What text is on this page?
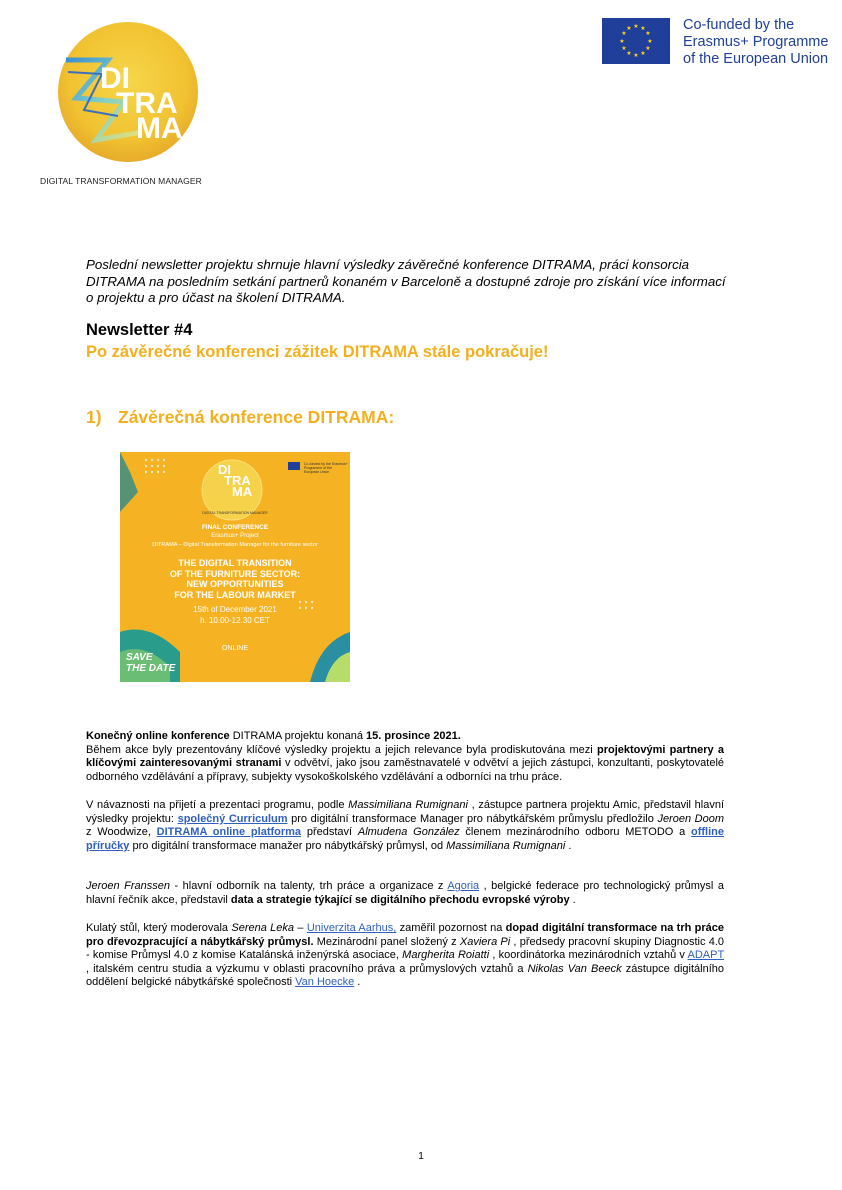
DI
TRA
MA
DIGITAL TRANSFORMATION MANAGER
★ ★
★
★
★
★
★
★
★
★
★
★	Co-funded by the
Erasmus+ Programme
of the European Union
Poslední newsletter projektu shrnuje hlavní výsledky závěrečné konference DITRAMA, práci konsorcia DITRAMA na posledním setkání partnerů konaném v Barceloně a dostupné zdroje pro získání více informací o projektu a pro účast na školení DITRAMA.
Newsletter #4
Po závěrečné konferenci zážitek DITRAMA stále pokračuje!
1) Závěrečná konference DITRAMA:
DI
TRA
MA
DIGITAL TRANSFORMATION MANAGER
Co-funded by the Erasmus+ Programme of the European Union
FINAL CONFERENCE
Erasmus+ Project
DITRAMA – Digital Transformation Manager for the furniture sector
THE DIGITAL TRANSITION
OF THE FURNITURE SECTOR:
NEW OPPORTUNITIES
FOR THE LABOUR MARKET
15th of December 2021
h. 10.00-12.30 CET
ONLINE
SAVE
THE DATE
Konečný online konference DITRAMA projektu konaná 15. prosince 2021.
Během akce byly prezentovány klíčové výsledky projektu a jejich relevance byla prodiskutována mezi projektovými partnery a klíčovými zainteresovanými stranami v odvětví, jako jsou zaměstnavatelé v odvětví a jejich zástupci, konzultanti, poskytovatelé odborného vzdělávání a přípravy, subjekty vysokoškolského vzdělávání a odborníci na trhu práce.
V návaznosti na přijetí a prezentaci programu, podle Massimiliana Rumignani , zástupce partnera projektu Amic, představil hlavní výsledky projektu: společný Curriculum pro digitální transformace Manager pro nábytkářském průmyslu předložilo Jeroen Doom z Woodwize, DITRAMA online platforma představí Almudena González členem mezinárodního odboru METODO a offline příručky pro digitální transformace manažer pro nábytkářský průmysl, od Massimiliana Rumignani .
Jeroen Franssen - hlavní odborník na talenty, trh práce a organizace z Agoria , belgické federace pro technologický průmysl a hlavní řečník akce, představil data a strategie týkající se digitálního přechodu evropské výroby .
Kulatý stůl, který moderovala Serena Leka – Univerzita Aarhus, zaměřil pozornost na dopad digitální transformace na trh práce pro dřevozpracující a nábytkářský průmysl. Mezinárodní panel složený z Xaviera Pi , předsedy pracovní skupiny Diagnostic 4.0 - komise Průmysl 4.0 z komise Katalánská inženýrská asociace, Margherita Roiatti , koordinátorka mezinárodních vztahů v ADAPT , italském centru studia a výzkumu v oblasti pracovního práva a průmyslových vztahů a Nikolas Van Beeck zástupce digitálního oddělení belgické nábytkářské společnosti Van Hoecke .
1
